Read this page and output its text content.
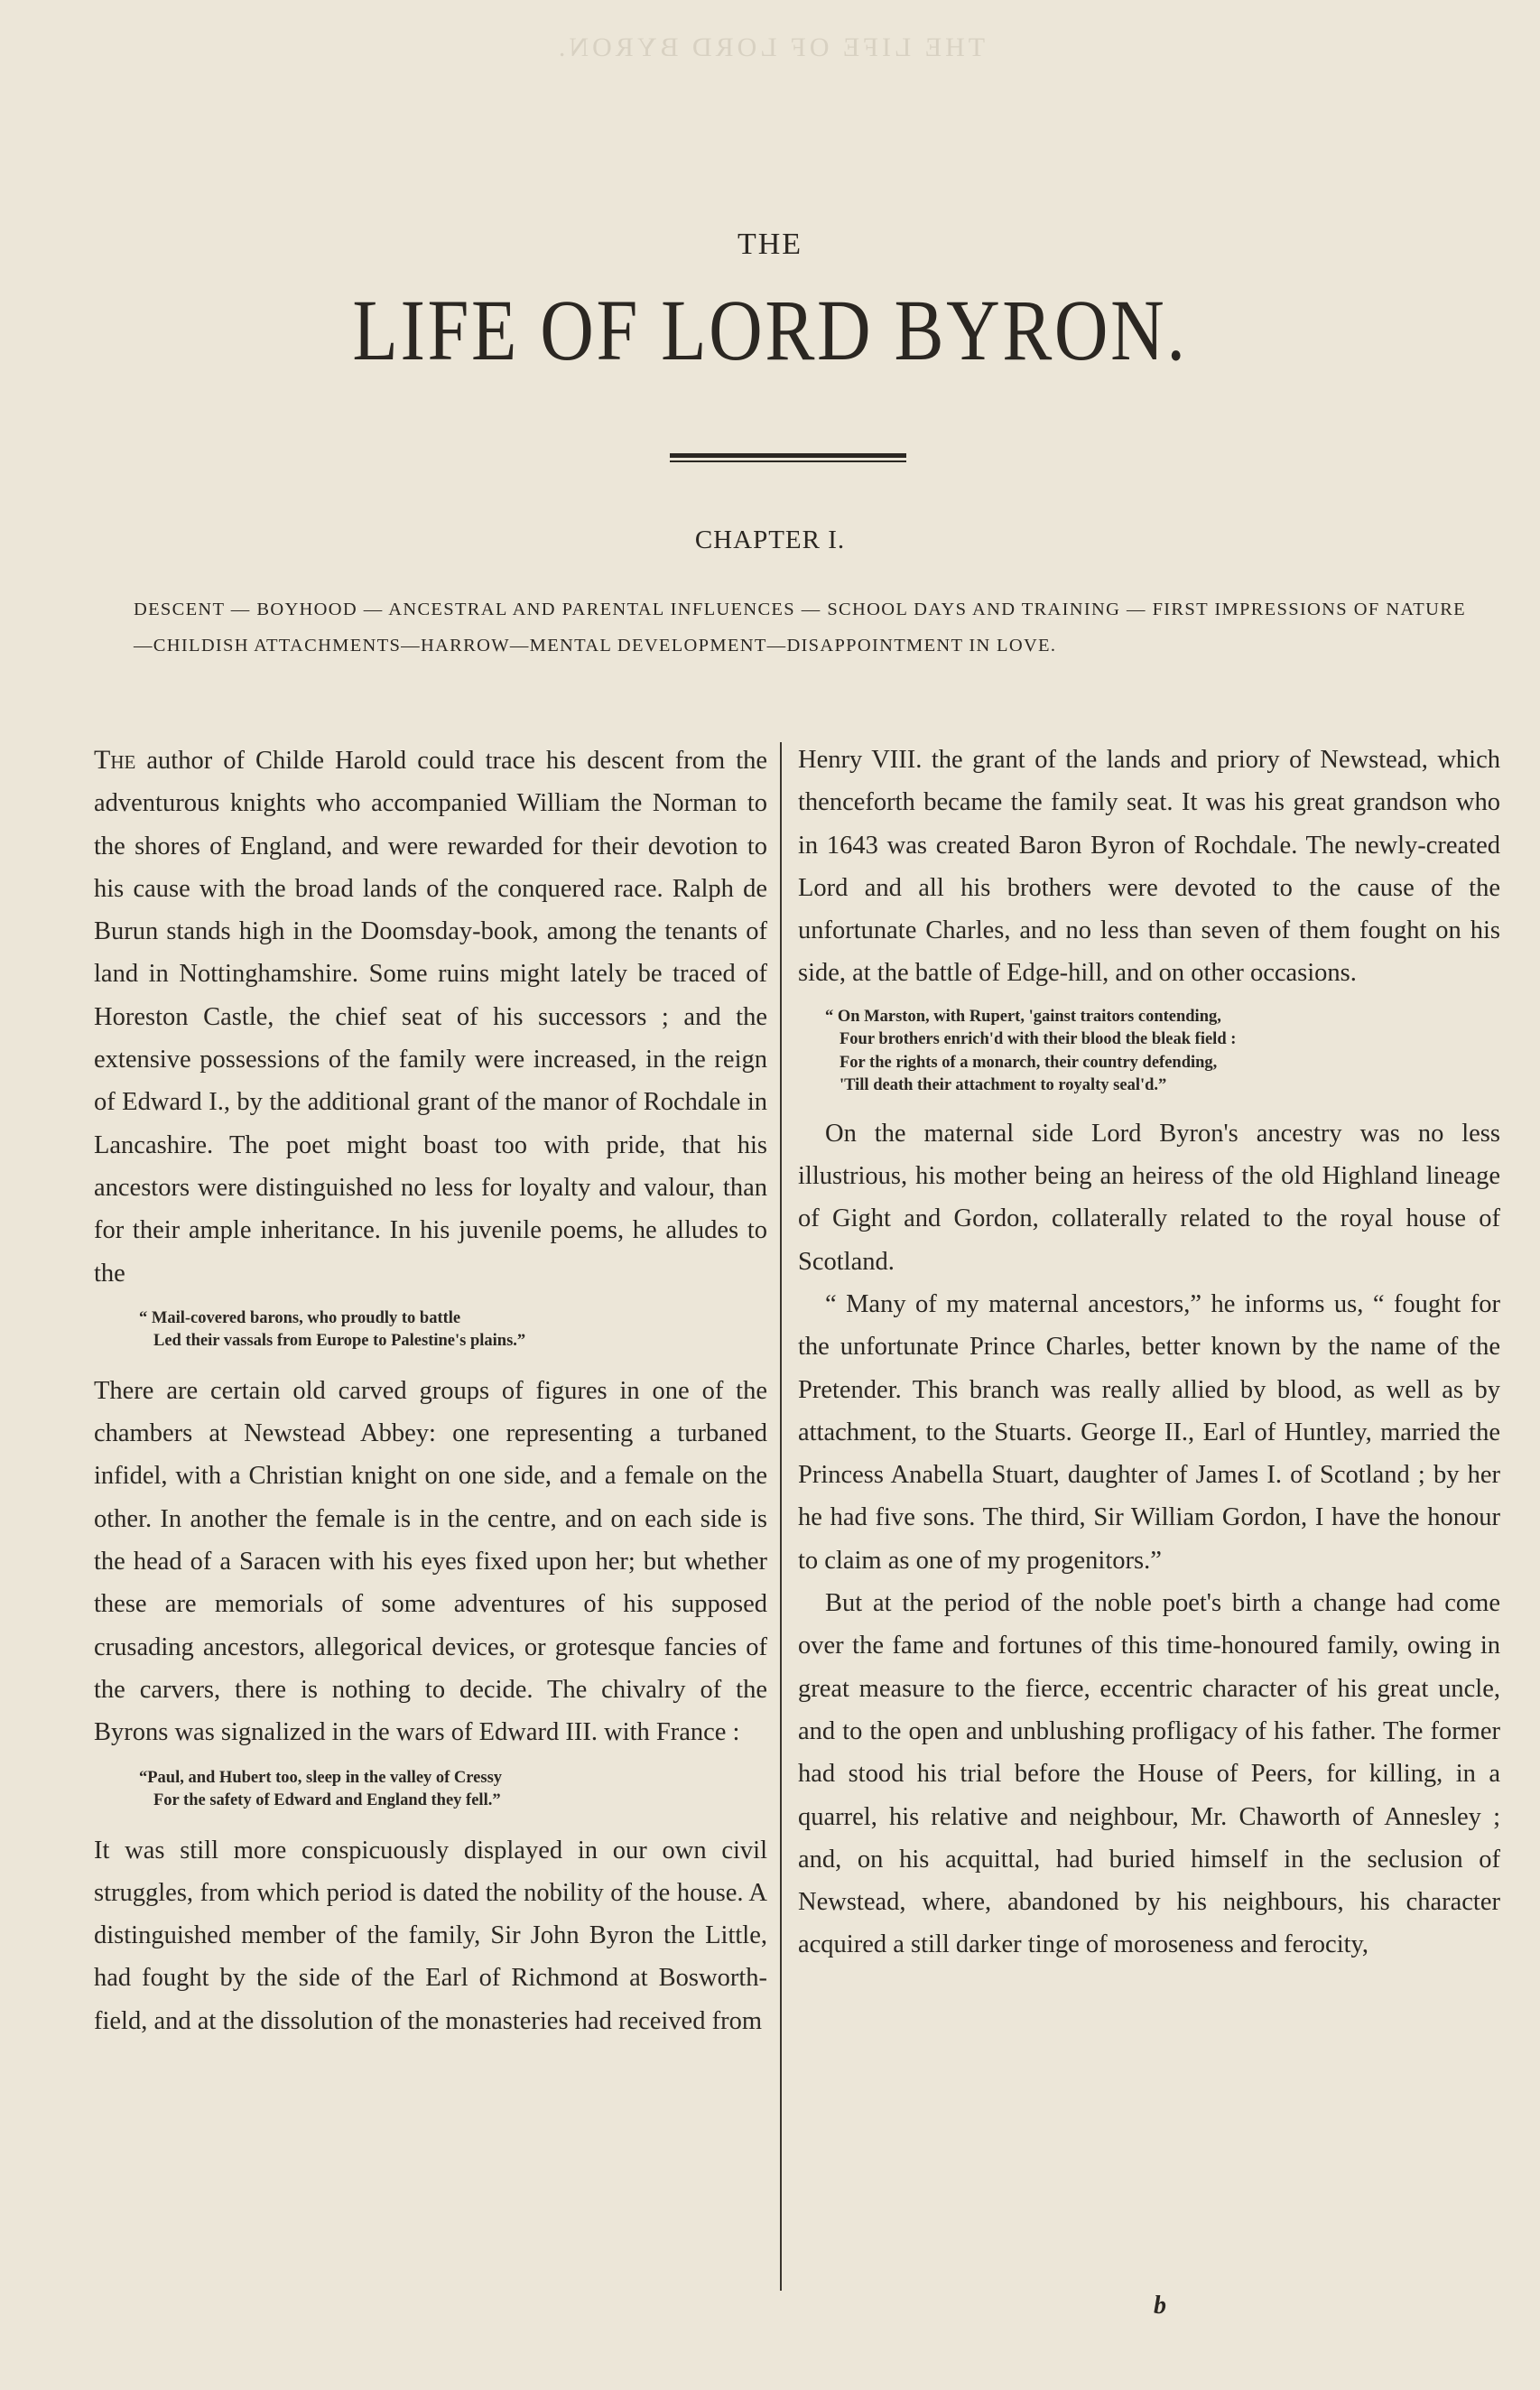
THE LIFE OF LORD BYRON.
THE
LIFE OF LORD BYRON.
CHAPTER I.
DESCENT — BOYHOOD — ANCESTRAL AND PARENTAL INFLUENCES — SCHOOL DAYS AND TRAINING — FIRST IMPRESSIONS OF NATURE—CHILDISH ATTACHMENTS—HARROW—MENTAL DEVELOPMENT—DISAPPOINTMENT IN LOVE.

The author of Childe Harold could trace his descent from the adventurous knights who accompanied William the Norman to the shores of England, and were rewarded for their devotion to his cause with the broad lands of the conquered race. Ralph de Burun stands high in the Doomsday-book, among the tenants of land in Nottinghamshire. Some ruins might lately be traced of Horeston Castle, the chief seat of his successors ; and the extensive possessions of the family were increased, in the reign of Edward I., by the additional grant of the manor of Rochdale in Lancashire. The poet might boast too with pride, that his ancestors were distinguished no less for loyalty and valour, than for their ample inheritance. In his juvenile poems, he alludes to the

“ Mail-covered barons, who proudly to battle
Led their vassals from Europe to Palestine's plains.”

There are certain old carved groups of figures in one of the chambers at Newstead Abbey: one representing a turbaned infidel, with a Christian knight on one side, and a female on the other. In another the female is in the centre, and on each side is the head of a Saracen with his eyes fixed upon her; but whether these are memorials of some adventures of his supposed crusading ancestors, allegorical devices, or grotesque fancies of the carvers, there is nothing to decide. The chivalry of the Byrons was signalized in the wars of Edward III. with France :

“Paul, and Hubert too, sleep in the valley of Cressy
For the safety of Edward and England they fell.”

It was still more conspicuously displayed in our own civil struggles, from which period is dated the nobility of the house. A distinguished member of the family, Sir John Byron the Little, had fought by the side of the Earl of Richmond at Bosworth-field, and at the dissolution of the monasteries had received from

Henry VIII. the grant of the lands and priory of Newstead, which thenceforth became the family seat. It was his great grandson who in 1643 was created Baron Byron of Rochdale. The newly-created Lord and all his brothers were devoted to the cause of the unfortunate Charles, and no less than seven of them fought on his side, at the battle of Edge-hill, and on other occasions.

“ On Marston, with Rupert, 'gainst traitors contending,
Four brothers enrich'd with their blood the bleak field :
For the rights of a monarch, their country defending,
'Till death their attachment to royalty seal'd.”

On the maternal side Lord Byron's ancestry was no less illustrious, his mother being an heiress of the old Highland lineage of Gight and Gordon, collaterally related to the royal house of Scotland.

“ Many of my maternal ancestors,” he informs us, “ fought for the unfortunate Prince Charles, better known by the name of the Pretender. This branch was really allied by blood, as well as by attachment, to the Stuarts. George II., Earl of Huntley, married the Princess Anabella Stuart, daughter of James I. of Scotland ; by her he had five sons. The third, Sir William Gordon, I have the honour to claim as one of my progenitors.”

But at the period of the noble poet's birth a change had come over the fame and fortunes of this time-honoured family, owing in great measure to the fierce, eccentric character of his great uncle, and to the open and unblushing profligacy of his father. The former had stood his trial before the House of Peers, for killing, in a quarrel, his relative and neighbour, Mr. Chaworth of Annesley ; and, on his acquittal, had buried himself in the seclusion of Newstead, where, abandoned by his neighbours, his character acquired a still darker tinge of moroseness and ferocity,

b
